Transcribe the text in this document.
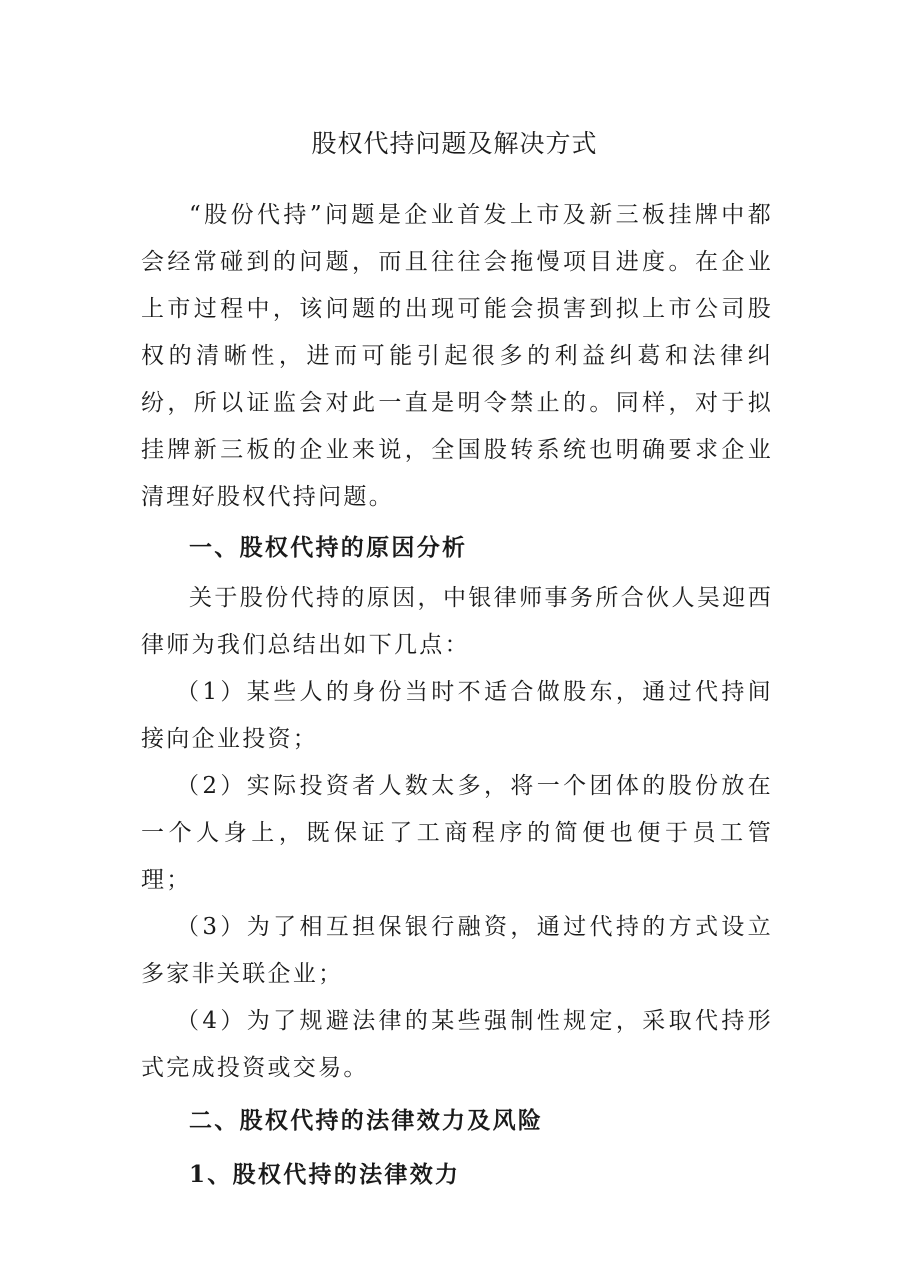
股权代持问题及解决方式

“股份代持”问题是企业首发上市及新三板挂牌中都会经常碰到的问题，而且往往会拖慢项目进度。在企业上市过程中，该问题的出现可能会损害到拟上市公司股权的清晰性，进而可能引起很多的利益纠葛和法律纠纷，所以证监会对此一直是明令禁止的。同样，对于拟挂牌新三板的企业来说，全国股转系统也明确要求企业清理好股权代持问题。

一、股权代持的原因分析

关于股份代持的原因，中银律师事务所合伙人吴迎西律师为我们总结出如下几点：

（1）某些人的身份当时不适合做股东，通过代持间接向企业投资；

（2）实际投资者人数太多，将一个团体的股份放在一个人身上，既保证了工商程序的简便也便于员工管理；

（3）为了相互担保银行融资，通过代持的方式设立多家非关联企业；

（4）为了规避法律的某些强制性规定，采取代持形式完成投资或交易。

二、股权代持的法律效力及风险

1、股权代持的法律效力
